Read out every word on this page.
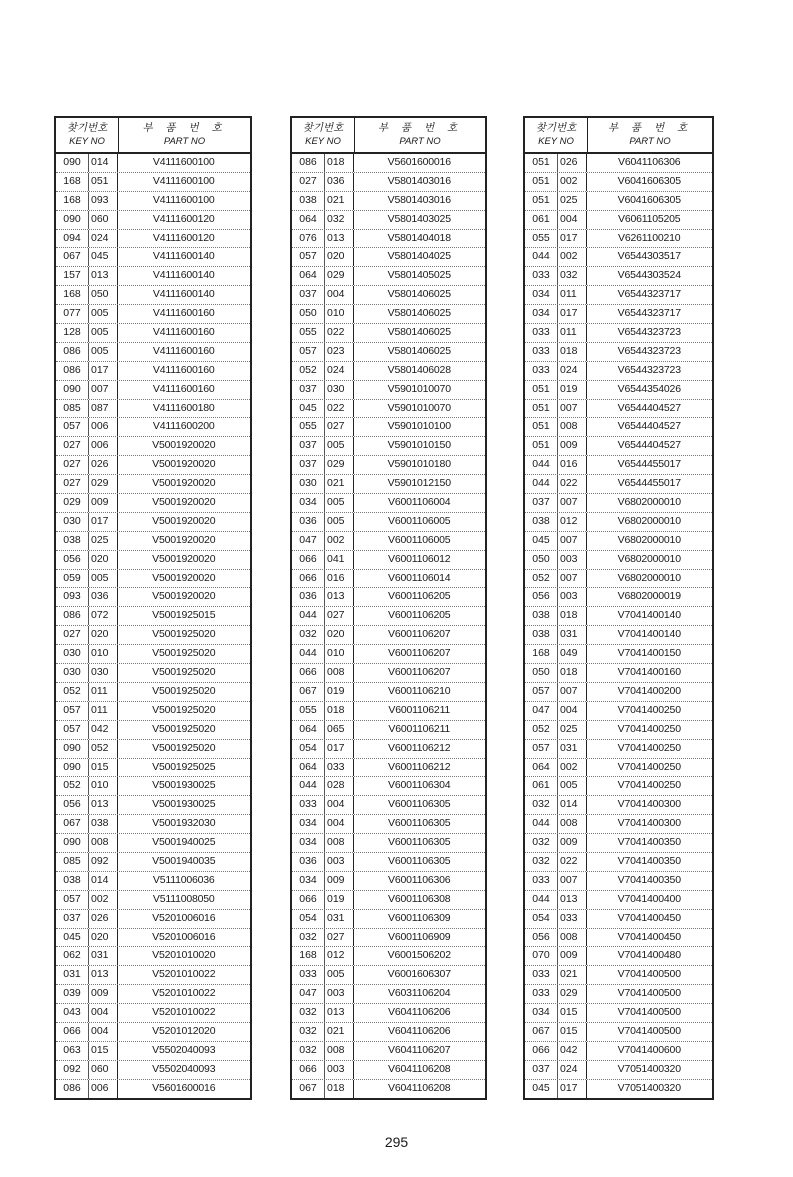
찾기번호
KEY NO
부 품 번 호
PART NO
090 014	V4111600100
168 051	V4111600100
168 093	V4111600100
090 060	V4111600120
094 024	V4111600120
067 045	V4111600140
157 013	V4111600140
168 050	V4111600140
077 005	V4111600160
128 005	V4111600160
086 005	V4111600160
086 017	V4111600160
090 007	V4111600160
085 087	V4111600180
057 006	V4111600200
027 006	V5001920020
027 026	V5001920020
027 029	V5001920020
029 009	V5001920020
030 017	V5001920020
038 025	V5001920020
056 020	V5001920020
059 005	V5001920020
093 036	V5001920020
086 072	V5001925015
027 020	V5001925020
030 010	V5001925020
030 030	V5001925020
052 011	V5001925020
057 011	V5001925020
057 042	V5001925020
090 052	V5001925020
090 015	V5001925025
052 010	V5001930025
056 013	V5001930025
067 038	V5001932030
090 008	V5001940025
085 092	V5001940035
038 014	V5111006036
057 002	V5111008050
037 026	V5201006016
045 020	V5201006016
062 031	V5201010020
031 013	V5201010022
039 009	V5201010022
043 004	V5201010022
066 004	V5201012020
063 015	V5502040093
092 060	V5502040093
086 006	V5601600016
찾기번호
KEY NO
부 품 번 호
PART NO
086 018	V5601600016
027 036	V5801403016
038 021	V5801403016
064 032	V5801403025
076 013	V5801404018
057 020	V5801404025
064 029	V5801405025
037 004	V5801406025
050 010	V5801406025
055 022	V5801406025
057 023	V5801406025
052 024	V5801406028
037 030	V5901010070
045 022	V5901010070
055 027	V5901010100
037 005	V5901010150
037 029	V5901010180
030 021	V5901012150
034 005	V6001106004
036 005	V6001106005
047 002	V6001106005
066 041	V6001106012
066 016	V6001106014
036 013	V6001106205
044 027	V6001106205
032 020	V6001106207
044 010	V6001106207
066 008	V6001106207
067 019	V6001106210
055 018	V6001106211
064 065	V6001106211
054 017	V6001106212
064 033	V6001106212
044 028	V6001106304
033 004	V6001106305
034 004	V6001106305
034 008	V6001106305
036 003	V6001106305
034 009	V6001106306
066 019	V6001106308
054 031	V6001106309
032 027	V6001106909
168 012	V6001506202
033 005	V6001606307
047 003	V6031106204
032 013	V6041106206
032 021	V6041106206
032 008	V6041106207
066 003	V6041106208
067 018	V6041106208
찾기번호
KEY NO
부 품 번 호
PART NO
051 026	V6041106306
051 002	V6041606305
051 025	V6041606305
061 004	V6061105205
055 017	V6261100210
044 002	V6544303517
033 032	V6544303524
034 011	V6544323717
034 017	V6544323717
033 011	V6544323723
033 018	V6544323723
033 024	V6544323723
051 019	V6544354026
051 007	V6544404527
051 008	V6544404527
051 009	V6544404527
044 016	V6544455017
044 022	V6544455017
037 007	V6802000010
038 012	V6802000010
045 007	V6802000010
050 003	V6802000010
052 007	V6802000010
056 003	V6802000019
038 018	V7041400140
038 031	V7041400140
168 049	V7041400150
050 018	V7041400160
057 007	V7041400200
047 004	V7041400250
052 025	V7041400250
057 031	V7041400250
064 002	V7041400250
061 005	V7041400250
032 014	V7041400300
044 008	V7041400300
032 009	V7041400350
032 022	V7041400350
033 007	V7041400350
044 013	V7041400400
054 033	V7041400450
056 008	V7041400450
070 009	V7041400480
033 021	V7041400500
033 029	V7041400500
034 015	V7041400500
067 015	V7041400500
066 042	V7041400600
037 024	V7051400320
045 017	V7051400320
295
